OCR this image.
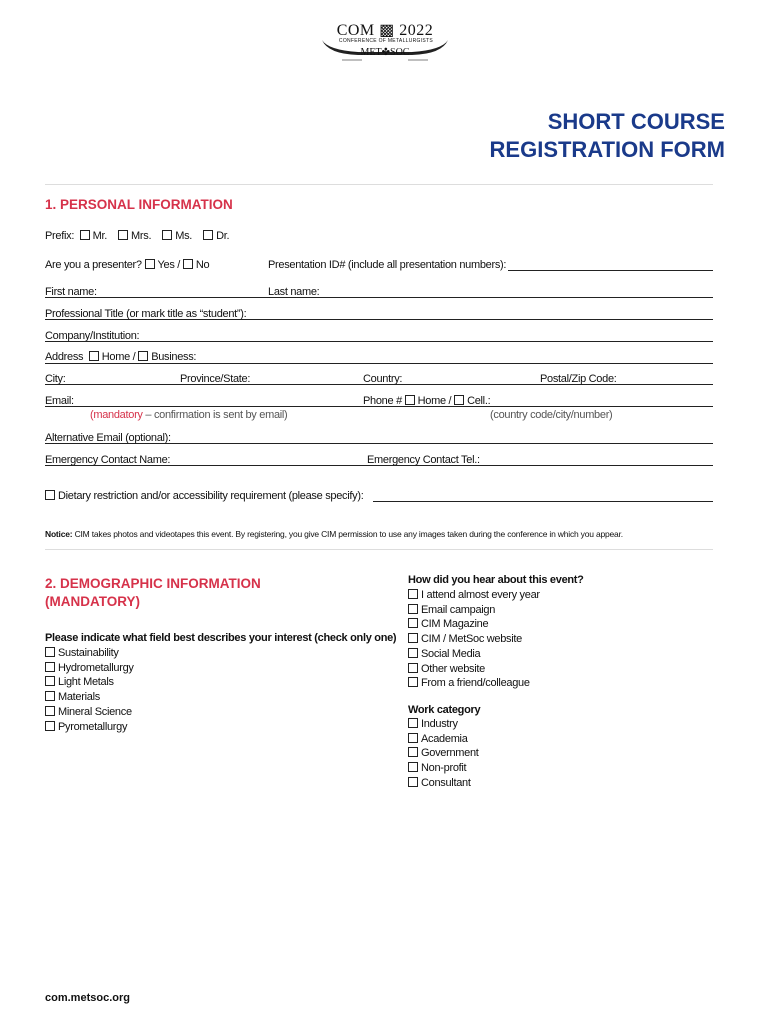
COM ▩ 2022
CONFERENCE OF METALLURGISTS
— MET✤SOC —
SHORT COURSE
REGISTRATION FORM
1. PERSONAL INFORMATION
Prefix: Mr. Mrs. Ms. Dr.
Are you a presenter? Yes / No	Presentation ID# (include all presentation numbers):
First name:	Last name:
Professional Title (or mark title as “student”):
Company/Institution:
Address Home / Business:
City:	Province/State:	Country:	Postal/Zip Code:
Email:	Phone # Home / Cell.:
(mandatory – confirmation is sent by email)	(country code/city/number)
Alternative Email (optional):
Emergency Contact Name:	Emergency Contact Tel.:
Dietary restriction and/or accessibility requirement (please specify):
Notice: CIM takes photos and videotapes this event. By registering, you give CIM permission to use any images taken during the conference in which you appear.
2. DEMOGRAPHIC INFORMATION
(MANDATORY)
Please indicate what field best describes your interest (check only one)
Sustainability
Hydrometallurgy
Light Metals
Materials
Mineral Science
Pyrometallurgy
How did you hear about this event?
I attend almost every year
Email campaign
CIM Magazine
CIM / MetSoc website
Social Media
Other website
From a friend/colleague
Work category
Industry
Academia
Government
Non-profit
Consultant
com.metsoc.org
